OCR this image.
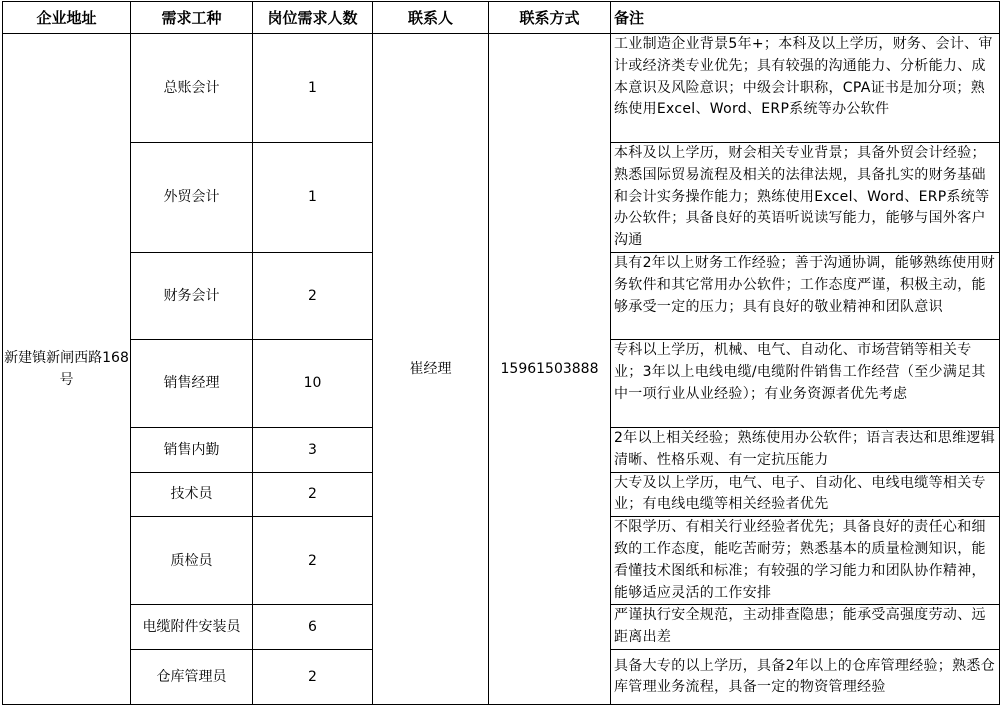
企业地址	需求工种	岗位需求人数	联系人	联系方式	备注
新建镇新闸西路168号	总账会计	1	崔经理	15961503888	工业制造企业背景5年+；本科及以上学历，财务、会计、审计或经济类专业优先；具有较强的沟通能力、分析能力、成本意识及风险意识；中级会计职称，CPA证书是加分项；熟练使用Excel、Word、ERP系统等办公软件
	外贸会计	1			本科及以上学历，财会相关专业背景；具备外贸会计经验；熟悉国际贸易流程及相关的法律法规，具备扎实的财务基础和会计实务操作能力；熟练使用Excel、Word、ERP系统等办公软件；具备良好的英语听说读写能力，能够与国外客户沟通
	财务会计	2			具有2年以上财务工作经验；善于沟通协调，能够熟练使用财务软件和其它常用办公软件；工作态度严谨，积极主动，能够承受一定的压力；具有良好的敬业精神和团队意识
	销售经理	10			专科以上学历，机械、电气、自动化、市场营销等相关专业；3年以上电线电缆/电缆附件销售工作经营（至少满足其中一项行业从业经验）；有业务资源者优先考虑
	销售内勤	3			2年以上相关经验；熟练使用办公软件；语言表达和思维逻辑清晰、性格乐观、有一定抗压能力
	技术员	2			大专及以上学历，电气、电子、自动化、电线电缆等相关专业；有电线电缆等相关经验者优先
	质检员	2			不限学历、有相关行业经验者优先；具备良好的责任心和细致的工作态度，能吃苦耐劳；熟悉基本的质量检测知识，能看懂技术图纸和标准；有较强的学习能力和团队协作精神，能够适应灵活的工作安排
	电缆附件安装员	6			严谨执行安全规范，主动排查隐患；能承受高强度劳动、远距离出差
	仓库管理员	2			具备大专的以上学历，具备2年以上的仓库管理经验；熟悉仓库管理业务流程，具备一定的物资管理经验
